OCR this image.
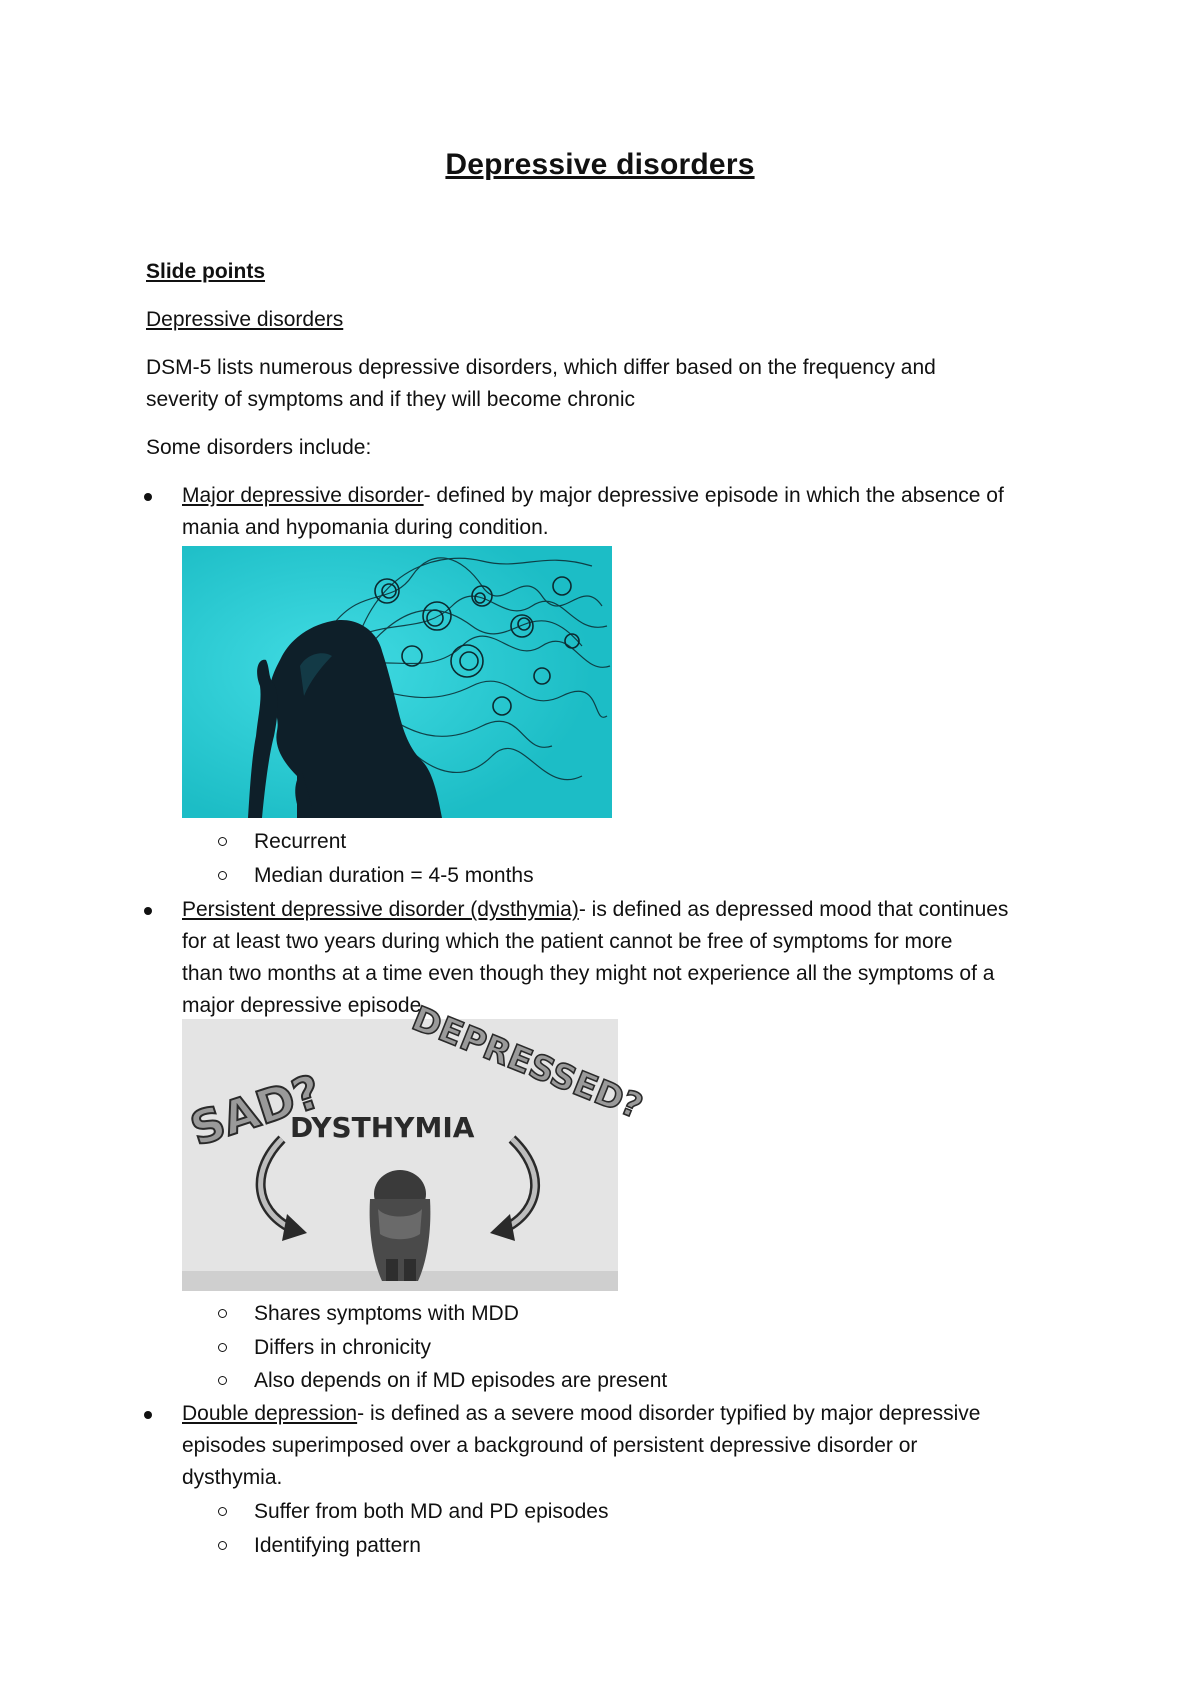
Depressive disorders
Slide points
Depressive disorders
DSM-5 lists numerous depressive disorders, which differ based on the frequency and
severity of symptoms and if they will become chronic
Some disorders include:
Major depressive disorder- defined by major depressive episode in which the absence of
mania and hypomania during condition.
Recurrent
Median duration = 4-5 months
Persistent depressive disorder (dysthymia)- is defined as depressed mood that continues
for at least two years during which the patient cannot be free of symptoms for more
than two months at a time even though they might not experience all the symptoms of a
major depressive episode.
SAD? DEPRESSED?
DYSTHYMIA
Shares symptoms with MDD
Differs in chronicity
Also depends on if MD episodes are present
Double depression- is defined as a severe mood disorder typified by major depressive
episodes superimposed over a background of persistent depressive disorder or
dysthymia.
Suffer from both MD and PD episodes
Identifying pattern
